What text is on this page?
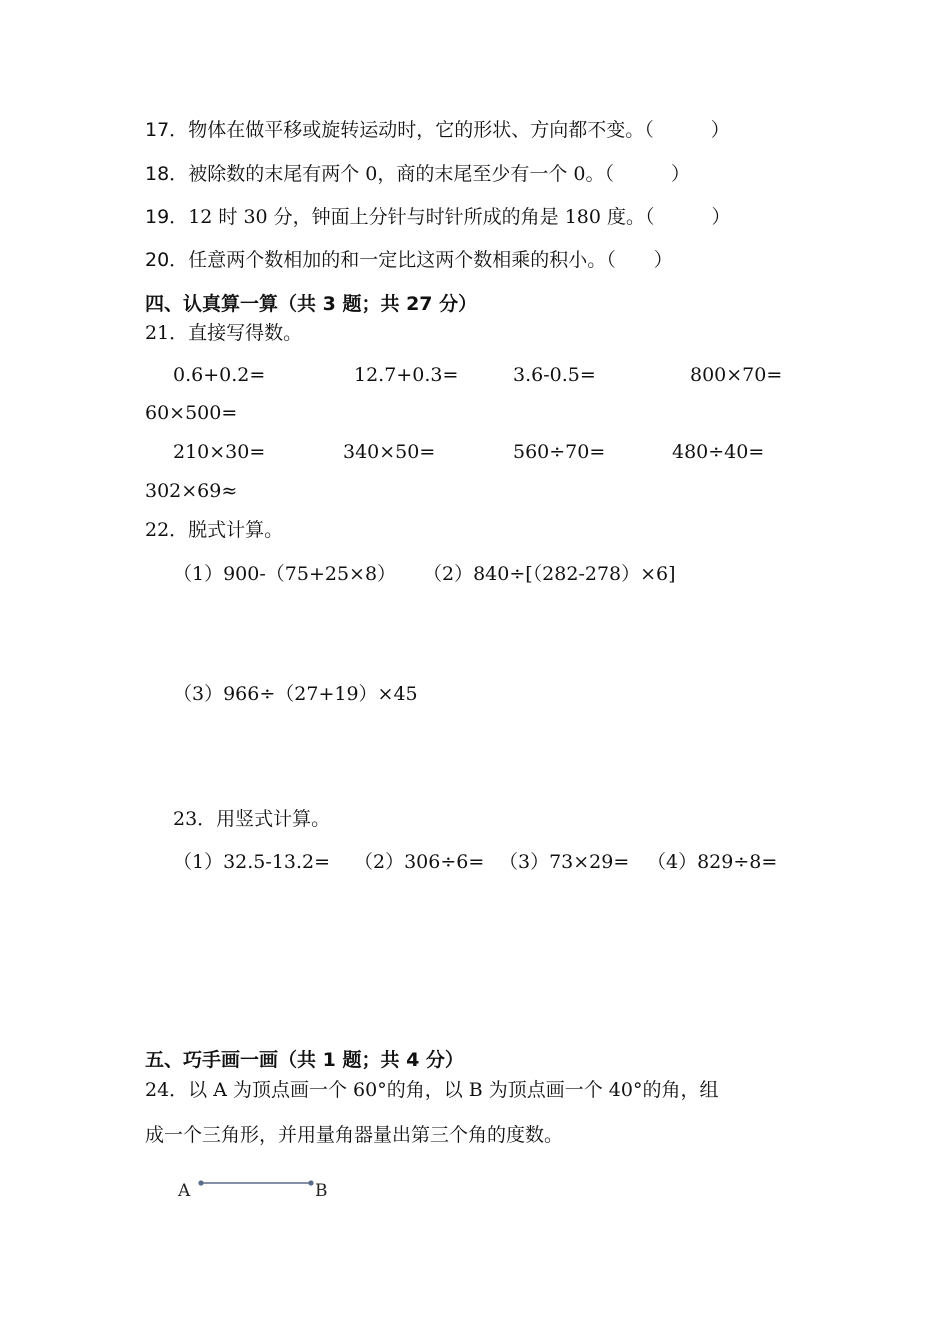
17．物体在做平移或旋转运动时，它的形状、方向都不变。（　　　）
18．被除数的末尾有两个 0，商的末尾至少有一个 0。（　　　）
19．12 时 30 分，钟面上分针与时针所成的角是 180 度。（　　　）
20．任意两个数相加的和一定比这两个数相乘的积小。（　　）
四、认真算一算（共 3 题；共 27 分）
21．直接写得数。
0.6+0.2=	12.7+0.3=	3.6-0.5=	800×70=
60×500=
210×30=	340×50=	560÷70=	480÷40=
302×69≈
22．脱式计算。
（1）900-（75+25×8） （2）840÷[（282-278）×6]
（3）966÷（27+19）×45
23．用竖式计算。
（1）32.5-13.2= （2）306÷6= （3）73×29= （4）829÷8=
五、巧手画一画（共 1 题；共 4 分）
24．以 A 为顶点画一个 60°的角，以 B 为顶点画一个 40°的角，组
成一个三角形，并用量角器量出第三个角的度数。
A	B
